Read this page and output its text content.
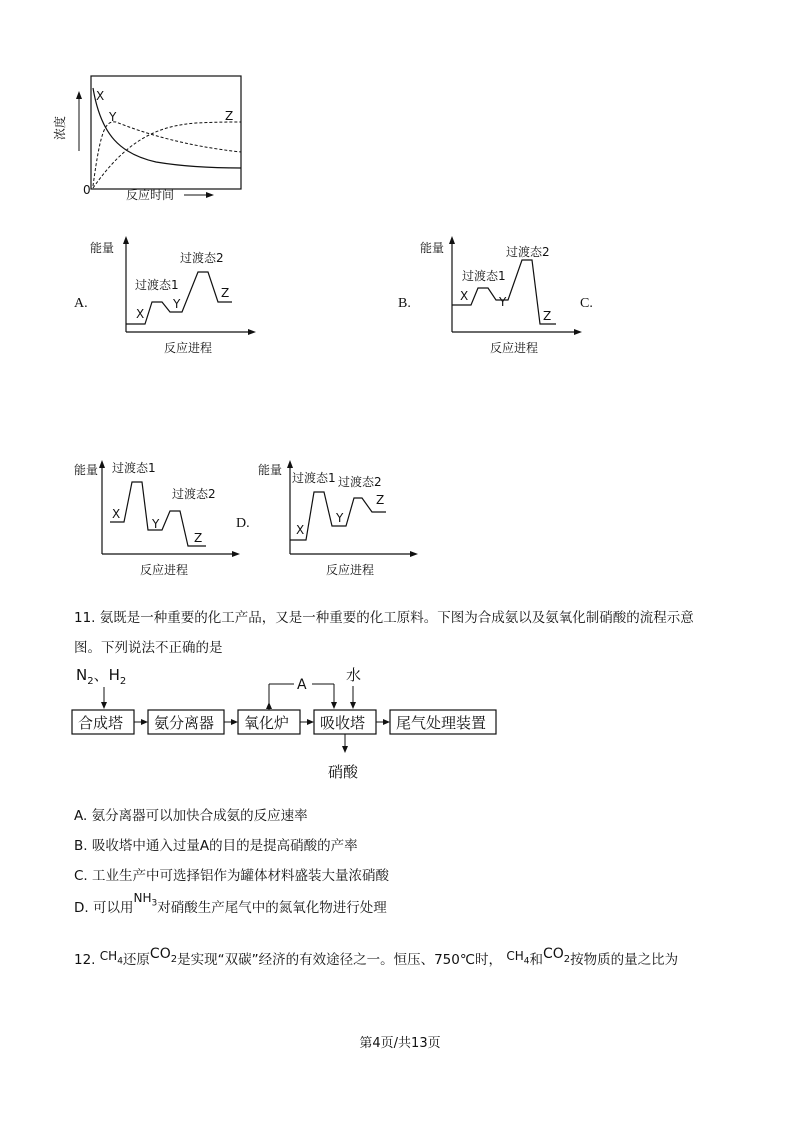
浓度
0
X
Y	Z
反应时间
A.
能量
X
Y
Z
过渡态1
过渡态2
反应进程
B.
能量
X	Y
Z
过渡态1
过渡态2
反应进程
C.
能量
X
Y
Z
过渡态1
过渡态2
反应进程
D.
能量
X
Y
Z
过渡态1 过渡态2
反应进程
11. 氨既是一种重要的化工产品，又是一种重要的化工原料。下图为合成氨以及氨氧化制硝酸的流程示意
图。下列说法不正确的是
$N_2$、$H_2$
合成塔 氨分离器 氧化炉 吸收塔 尾气处理装置
A
水
硝酸
A. 氨分离器可以加快合成氨的反应速率
B. 吸收塔中通入过量A的目的是提高硝酸的产率
C. 工业生产中可选择铝作为罐体材料盛装大量浓硝酸
D. 可以用$NH_3$对硝酸生产尾气中的氮氧化物进行处理
12. $CH_4$还原$CO_2$是实现“双碳”经济的有效途径之一。恒压、750℃时， $CH_4$和$CO_2$按物质的量之比为
第4页/共13页
